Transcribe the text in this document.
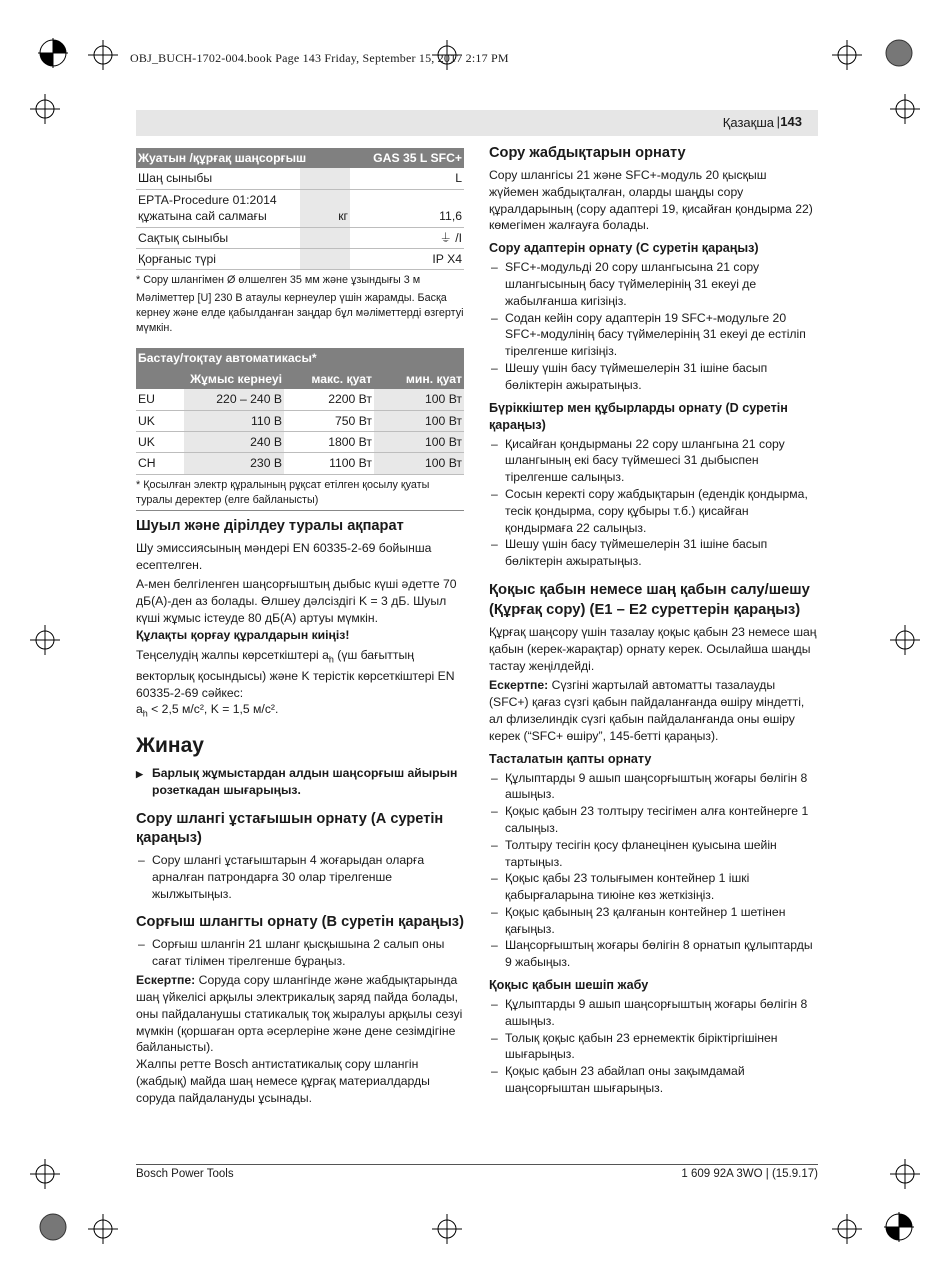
OBJ_BUCH-1702-004.book Page 143 Friday, September 15, 2017 2:17 PM
Қазақша | 143
Жуатын /құрғақ шаңсорғыш		GAS 35 L SFC+
Шаң сыныбы		L
EPTA-Procedure 01:2014 құжатына сай салмағы	кг	11,6
Сақтық сыныбы		⏚ /I
Қорғаныс түрі		IP X4

* Сору шлангімен Ø өлшелген 35 мм және ұзындығы 3 м

Мәліметтер [U] 230 В атаулы кернеулер үшін жарамды. Басқа кернеу және елде қабылданған заңдар бұл мәліметтерді өзгертуі мүмкін.

Бастау/тоқтау автоматикасы*			
	Жұмыс кернеуі	макс. қуат	мин. қуат
EU	220 – 240 В	2200 Вт	100 Вт
UK	110 В	750 Вт	100 Вт
UK	240 В	1800 Вт	100 Вт
CH	230 В	1100 Вт	100 Вт

* Қосылған электр құралының рұқсат етілген қосылу қуаты туралы деректер (елге байланысты)

Шуыл және дірілдеу туралы ақпарат

Шу эмиссиясының мәндері EN 60335-2-69 бойынша есептелген.

А-мен белгіленген шаңсорғыштың дыбыс күші әдетте 70 дБ(А)-ден аз болады. Өлшеу дәлсіздігі K = 3 дБ. Шуыл күші жұмыс істеуде 80 дБ(А) артуы мүмкін.

Құлақты қорғау құралдарын киіңіз!

Теңселудің жалпы көрсеткіштері $a_h$ (үш бағыттың векторлық қосындысы) және K терістік көрсеткіштері EN 60335-2-69 сәйкес:

$a_h < 2,5$ м/с², K = 1,5 м/с².

Жинау

▶ Барлық жұмыстардан алдын шаңсорғыш айырын розеткадан шығарыңыз.

Сору шлангі ұстағышын орнату (А суретін қараңыз)
– Сору шлангі ұстағыштарын 4 жоғарыдан оларға арналған патрондарға 30 олар тірелгенше жылжытыңыз.
Сорғыш шлангты орнату (В суретін қараңыз)
– Сорғыш шлангін 21 шланг қысқышына 2 салып оны сағат тілімен тірелгенше бұраңыз.

Ескертпе: Соруда сору шлангінде және жабдықтарында шаң үйкелісі арқылы электрикалық заряд пайда болады, оны пайдаланушы статикалық тоқ жыралуы арқылы сезуі мүмкін (қоршаған орта әсерлеріне және дене сезімдігіне байланысты).

Жалпы ретте Bosch антистатикалық сору шлангін (жабдық) майда шаң немесе құрғақ материалдарды соруда пайдалануды ұсынады.

Сору жабдықтарын орнату

Сору шлангісы 21 және SFC+-модуль 20 қысқыш жүйемен жабдықталған, оларды шаңды сору құралдарының (сору адаптері 19, қисайған қондырма 22) көмегімен жалғауға болады.

Сору адаптерін орнату (С суретін қараңыз)
– SFC+-модульді 20 сору шлангысына 21 сору шлангысының басу түймелерінің 31 екеуі де жабылғанша кигізіңіз.
– Содан кейін сору адаптерін 19 SFC+-модульге 20 SFC+-модулінің басу түймелерінің 31 екеуі де естіліп тірелгенше кигізіңіз.
– Шешу үшін басу түймешелерін 31 ішіне басып бөліктерін ажыратыңыз.
Бүріккіштер мен құбырларды орнату (D суретін қараңыз)
– Қисайған қондырманы 22 сору шлангына 21 сору шлангының екі басу түймешесі 31 дыбыспен тірелгенше салыңыз.
– Сосын керекті сору жабдықтарын (едендік қондырма, тесік қондырма, сору құбыры т.б.) қисайған қондырмаға 22 салыңыз.
– Шешу үшін басу түймешелерін 31 ішіне басып бөліктерін ажыратыңыз.
Қоқыс қабын немесе шаң қабын салу/шешу (Құрғақ сору) (E1 – E2 суреттерін қараңыз)

Құрғақ шаңсору үшін тазалау қоқыс қабын 23 немесе шаң қабын (керек-жарақтар) орнату керек. Осылайша шаңды тастау жеңілдейді.

Ескертпе: Сүзгіні жартылай автоматты тазалауды (SFC+) қағаз сүзгі қабын пайдаланғанда өшіру міндетті, ал флизелиндік сүзгі қабын пайдаланғанда оны өшіру керек (“SFC+ өшіру”, 145-бетті қараңыз).

Тасталатын қапты орнату
– Құлыптарды 9 ашып шаңсорғыштың жоғары бөлігін 8 ашыңыз.
– Қоқыс қабын 23 толтыру тесігімен алға контейнерге 1 салыңыз.
– Толтыру тесігін қосу фланецінен қуысына шейін тартыңыз.
– Қоқыс қабы 23 толығымен контейнер 1 ішкі қабырғаларына тиюіне көз жеткізіңіз.
– Қоқыс қабының 23 қалғанын контейнер 1 шетінен қағыңыз.
– Шаңсорғыштың жоғары бөлігін 8 орнатып құлыптарды 9 жабыңыз.
Қоқыс қабын шешіп жабу
– Құлыптарды 9 ашып шаңсорғыштың жоғары бөлігін 8 ашыңыз.
– Толық қоқыс қабын 23 ернемектік біріктіргішінен шығарыңыз.
– Қоқыс қабын 23 абайлап оны зақымдамай шаңсорғыштан шығарыңыз.
Bosch Power Tools	1 609 92A 3WO | (15.9.17)
